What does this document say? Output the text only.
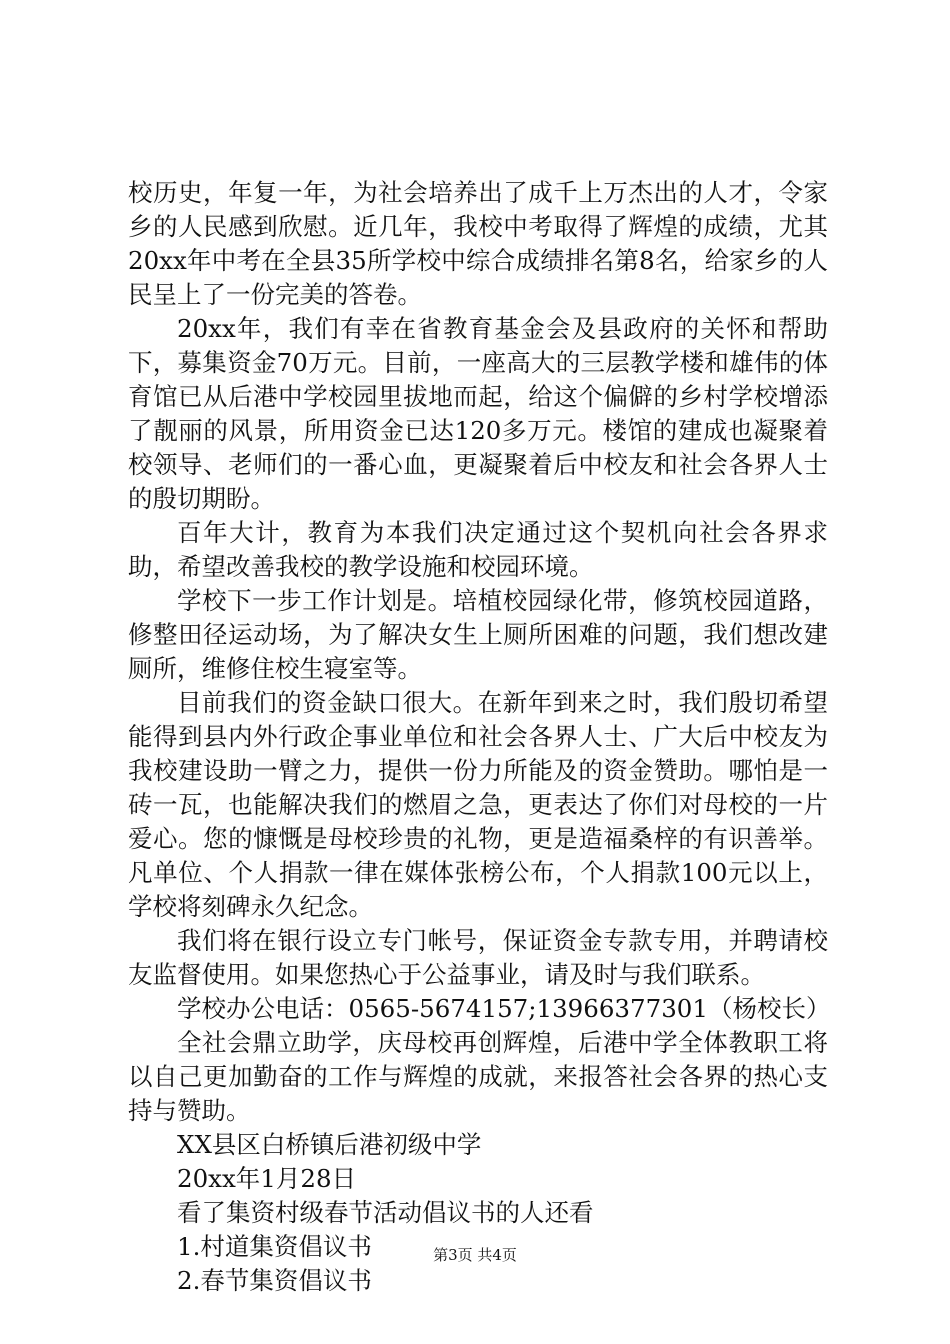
校历史，年复一年，为社会培养出了成千上万杰出的人才，令家乡的人民感到欣慰。近几年，我校中考取得了辉煌的成绩，尤其20xx年中考在全县35所学校中综合成绩排名第8名，给家乡的人民呈上了一份完美的答卷。

20xx年，我们有幸在省教育基金会及县政府的关怀和帮助下，募集资金70万元。目前，一座高大的三层教学楼和雄伟的体育馆已从后港中学校园里拔地而起，给这个偏僻的乡村学校增添了靓丽的风景，所用资金已达120多万元。楼馆的建成也凝聚着校领导、老师们的一番心血，更凝聚着后中校友和社会各界人士的殷切期盼。

百年大计，教育为本我们决定通过这个契机向社会各界求助，希望改善我校的教学设施和校园环境。

学校下一步工作计划是。培植校园绿化带，修筑校园道路，修整田径运动场，为了解决女生上厕所困难的问题，我们想改建厕所，维修住校生寝室等。

目前我们的资金缺口很大。在新年到来之时，我们殷切希望能得到县内外行政企事业单位和社会各界人士、广大后中校友为我校建设助一臂之力，提供一份力所能及的资金赞助。哪怕是一砖一瓦，也能解决我们的燃眉之急，更表达了你们对母校的一片爱心。您的慷慨是母校珍贵的礼物，更是造福桑梓的有识善举。凡单位、个人捐款一律在媒体张榜公布，个人捐款100元以上，学校将刻碑永久纪念。

我们将在银行设立专门帐号，保证资金专款专用，并聘请校友监督使用。如果您热心于公益事业，请及时与我们联系。

学校办公电话：0565-5674157;13966377301（杨校长）

全社会鼎立助学，庆母校再创辉煌，后港中学全体教职工将以自己更加勤奋的工作与辉煌的成就，来报答社会各界的热心支持与赞助。

XX县区白桥镇后港初级中学

20xx年1月28日

看了集资村级春节活动倡议书的人还看

1.村道集资倡议书

2.春节集资倡议书

第3页 共4页
